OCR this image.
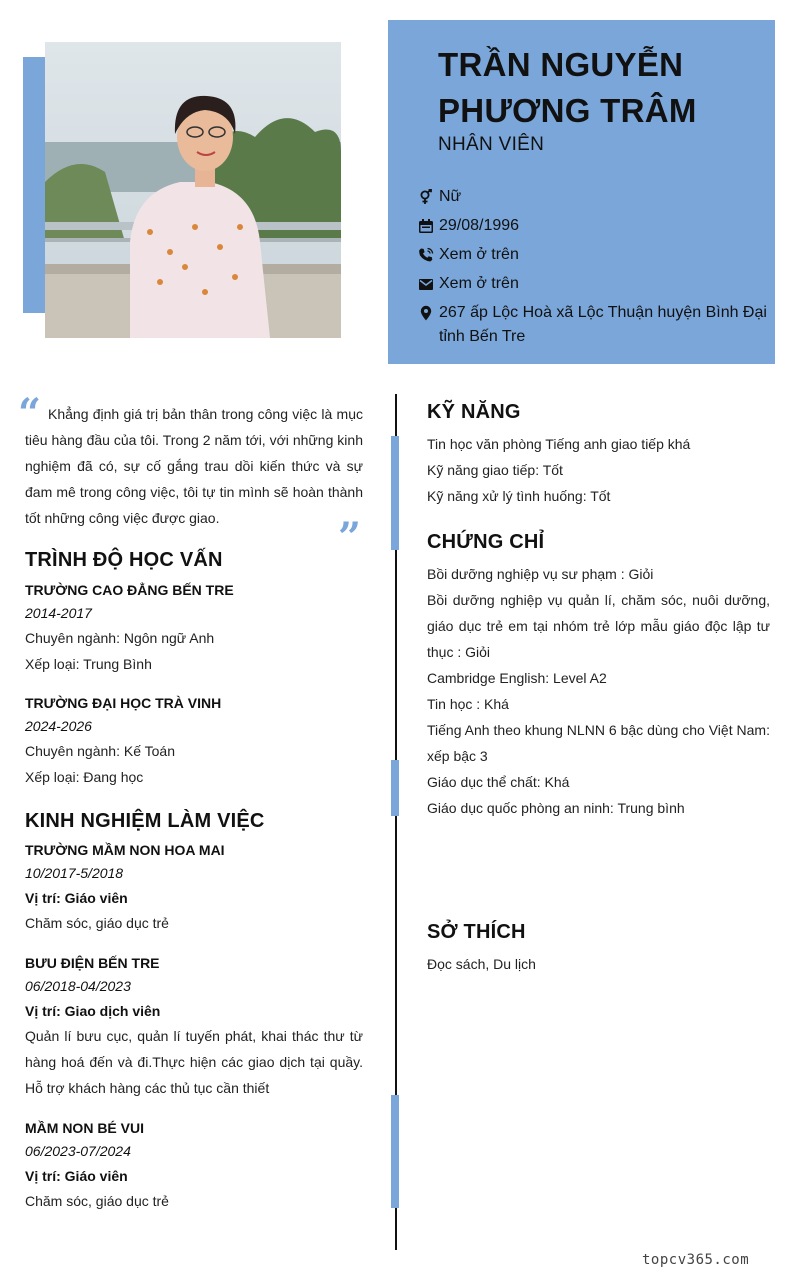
TRẦN NGUYỄN
PHƯƠNG TRÂM
NHÂN VIÊN
Nữ
29/08/1996
Xem ở trên
Xem ở trên
267 ấp Lộc Hoà xã Lộc Thuận huyện Bình Đại tỉnh Bến Tre
“ Khẳng định giá trị bản thân trong công việc là mục tiêu hàng đầu của tôi. Trong 2 năm tới, với những kinh nghiệm đã có, sự cố gắng trau dồi kiến thức và sự đam mê trong công việc, tôi tự tin mình sẽ hoàn thành tốt những công việc được giao.	”
TRÌNH ĐỘ HỌC VẤN
TRƯỜNG CAO ĐẲNG BẾN TRE
2014-2017
Chuyên ngành: Ngôn ngữ Anh
Xếp loại: Trung Bình
TRƯỜNG ĐẠI HỌC TRÀ VINH
2024-2026
Chuyên ngành: Kế Toán
Xếp loại: Đang học
KINH NGHIỆM LÀM VIỆC
TRƯỜNG MẦM NON HOA MAI
10/2017-5/2018
Vị trí: Giáo viên
Chăm sóc, giáo dục trẻ
BƯU ĐIỆN BẾN TRE
06/2018-04/2023
Vị trí: Giao dịch viên
Quản lí bưu cục, quản lí tuyến phát, khai thác thư từ hàng hoá đến và đi.Thực hiện các giao dịch tại quầy. Hỗ trợ khách hàng các thủ tục cần thiết
MẦM NON BÉ VUI
06/2023-07/2024
Vị trí: Giáo viên
Chăm sóc, giáo dục trẻ
KỸ NĂNG
Tin học văn phòng Tiếng anh giao tiếp khá
Kỹ năng giao tiếp: Tốt
Kỹ năng xử lý tình huống: Tốt
CHỨNG CHỈ
Bồi dưỡng nghiệp vụ sư phạm : Giỏi
Bồi dưỡng nghiệp vụ quản lí, chăm sóc, nuôi dưỡng, giáo dục trẻ em tại nhóm trẻ lớp mẫu giáo độc lập tư thục : Giỏi
Cambridge English: Level A2
Tin học : Khá
Tiếng Anh theo khung NLNN 6 bậc dùng cho Việt Nam: xếp bậc 3
Giáo dục thể chất: Khá
Giáo dục quốc phòng an ninh: Trung bình
SỞ THÍCH
Đọc sách, Du lịch
topcv365.com
